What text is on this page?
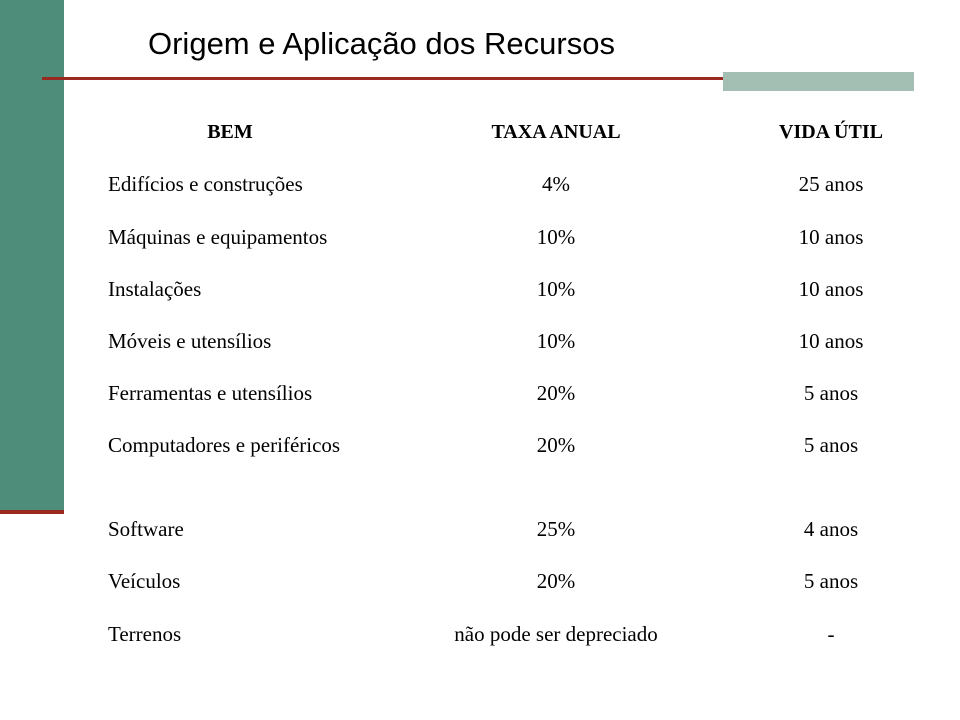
Origem e Aplicação dos Recursos
BEM	TAXA ANUAL	VIDA ÚTIL
Edifícios e construções	4%	25 anos
Máquinas e equipamentos	10%	10 anos
Instalações	10%	10 anos
Móveis e utensílios	10%	10 anos
Ferramentas e utensílios	20%	5 anos
Computadores e periféricos	20%	5 anos
Software	25%	4 anos
Veículos	20%	5 anos
Terrenos	não pode ser depreciado	-
